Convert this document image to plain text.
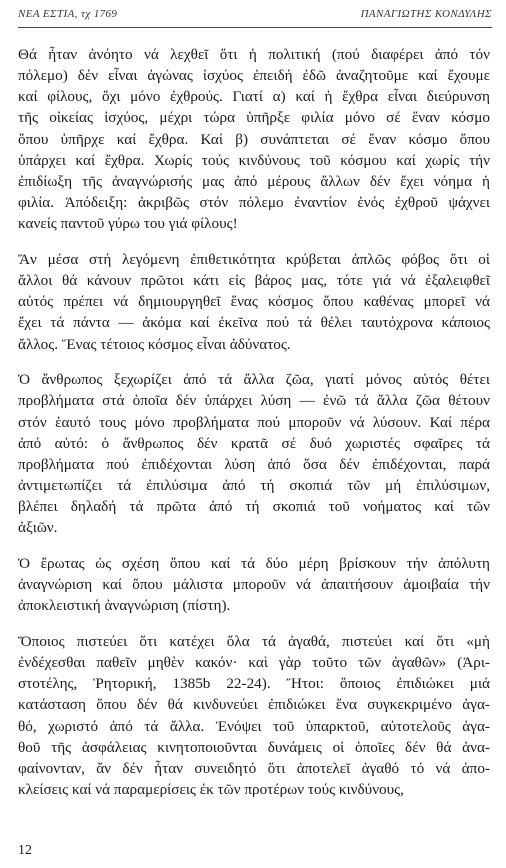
ΝΕΑ ΕΣΤΙΑ, τχ 1769	ΠΑΝΑΓΙΩΤΗΣ ΚΟΝΔΥΛΗΣ

Θά ἦταν ἀνόητο νά λεχθεῖ ὅτι ἡ πολιτική (πού διαφέρει ἀπό τόν
πόλεμο) δέν εἶναι ἀγώνας ἰσχύος ἐπειδή ἐδῶ ἀναζητοῦμε καί ἔχουμε
καί φίλους, ὄχι μόνο ἐχθρούς. Γιατί α) καί ἡ ἔχθρα εἶναι διεύρυνση
τῆς οἰκείας ἰσχύος, μέχρι τώρα ὑπῆρξε φιλία μόνο σέ ἕναν κόσμο
ὅπου ὑπῆρχε καί ἔχθρα. Καί β) συνάπτεται σέ ἕναν κόσμο ὅπου
ὑπάρχει καί ἔχθρα. Χωρίς τούς κινδύνους τοῦ κόσμου καί χωρίς τήν
ἐπιδίωξη τῆς ἀναγνώρισής μας ἀπό μέρους ἄλλων δέν ἔχει νόημα ἡ
φιλία. Ἀπόδειξη: ἀκριβῶς στόν πόλεμο ἐναντίον ἑνός ἐχθροῦ ψάχνει
κανείς παντοῦ γύρω του γιά φίλους!

Ἄν μέσα στή λεγόμενη ἐπιθετικότητα κρύβεται ἁπλῶς φόβος ὅτι οἱ
ἄλλοι θά κάνουν πρῶτοι κάτι εἰς βάρος μας, τότε γιά νά ἐξαλειφθεῖ
αὐτός πρέπει νά δημιουργηθεῖ ἕνας κόσμος ὅπου καθένας μπορεῖ νά
ἔχει τά πάντα — ἀκόμα καί ἐκεῖνα πού τά θέλει ταυτόχρονα κάποιος
ἄλλος. Ἕνας τέτοιος κόσμος εἶναι ἀδύνατος.

Ὁ ἄνθρωπος ξεχωρίζει ἀπό τά ἄλλα ζῶα, γιατί μόνος αὐτός θέτει
προβλήματα στά ὁποῖα δέν ὑπάρχει λύση — ἐνῶ τά ἄλλα ζῶα θέτουν
στόν ἑαυτό τους μόνο προβλήματα πού μποροῦν νά λύσουν. Καί πέρα
ἀπό αὐτό: ὁ ἄνθρωπος δέν κρατᾶ σέ δυό χωριστές σφαῖρες τά
προβλήματα πού ἐπιδέχονται λύση ἀπό ὅσα δέν ἐπιδέχονται, παρά
ἀντιμετωπίζει τά ἐπιλύσιμα ἀπό τή σκοπιά τῶν μή ἐπιλύσιμων,
βλέπει δηλαδή τά πρῶτα ἀπό τή σκοπιά τοῦ νοήματος καί τῶν
ἀξιῶν.

Ὁ ἔρωτας ὡς σχέση ὅπου καί τά δύο μέρη βρίσκουν τήν ἀπόλυτη
ἀναγνώριση καί ὅπου μάλιστα μποροῦν νά ἀπαιτήσουν ἀμοιβαία τήν
ἀποκλειστική ἀναγνώριση (πίστη).

Ὅποιος πιστεύει ὅτι κατέχει ὅλα τά ἀγαθά, πιστεύει καί ὅτι «μὴ
ἐνδέχεσθαι παθεῖν μηθὲν κακόν· καὶ γὰρ τοῦτο τῶν ἀγαθῶν» (Ἀρι-
στοτέλης, Ῥητορική, 1385b 22-24). Ἤτοι: ὅποιος ἐπιδιώκει μιά
κατάσταση ὅπου δέν θά κινδυνεύει ἐπιδιώκει ἕνα συγκεκριμένο ἀγα-
θό, χωριστό ἀπό τά ἄλλα. Ἐνόψει τοῦ ὑπαρκτοῦ, αὐτοτελοῦς ἀγα-
θοῦ τῆς ἀσφάλειας κινητοποιοῦνται δυνάμεις οἱ ὁποῖες δέν θά ἀνα-
φαίνονταν, ἄν δέν ἦταν συνειδητό ὅτι ἀποτελεῖ ἀγαθό τό νά ἀπο-
κλείσεις καί νά παραμερίσεις ἐκ τῶν προτέρων τούς κινδύνους,

12
